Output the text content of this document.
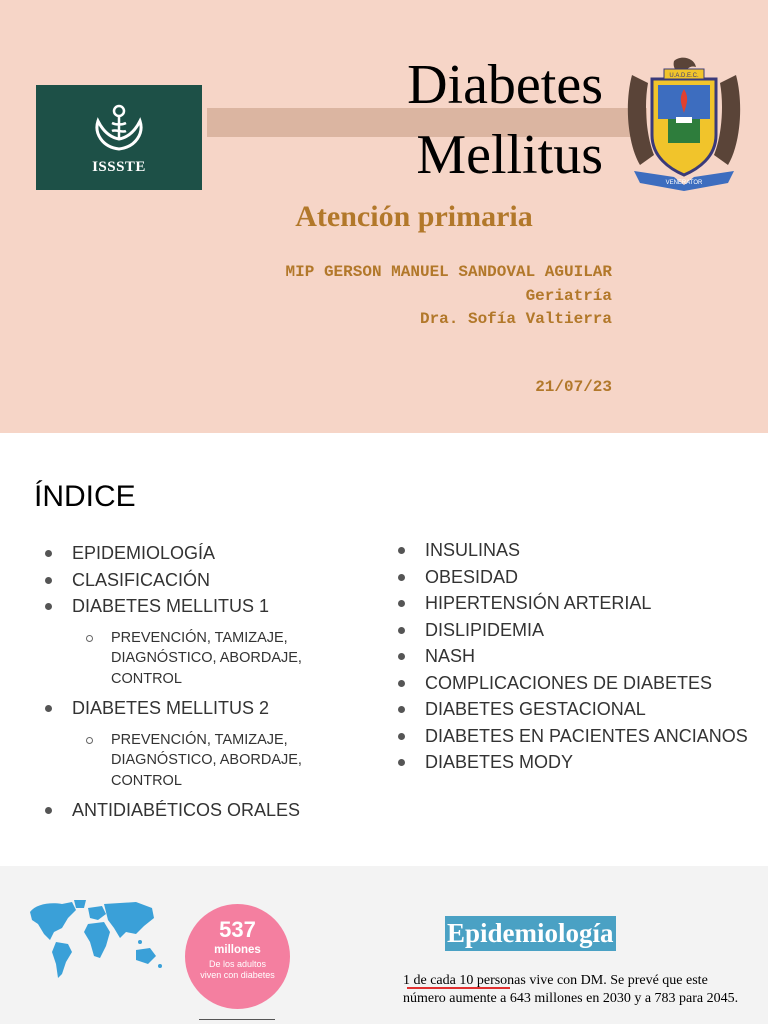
ISSSTE
Diabetes
Mellitus
U.A.D.E.C.
VENERATOR
Atención primaria
MIP GERSON MANUEL SANDOVAL AGUILAR
Geriatría
Dra. Sofía Valtierra
21/07/23
ÍNDICE
EPIDEMIOLOGÍA
CLASIFICACIÓN
DIABETES MELLITUS 1
PREVENCIÓN, TAMIZAJE, DIAGNÓSTICO, ABORDAJE, CONTROL
DIABETES MELLITUS 2
PREVENCIÓN, TAMIZAJE, DIAGNÓSTICO, ABORDAJE, CONTROL
ANTIDIABÉTICOS ORALES
INSULINAS
OBESIDAD
HIPERTENSIÓN ARTERIAL
DISLIPIDEMIA
NASH
COMPLICACIONES DE DIABETES
DIABETES GESTACIONAL
DIABETES EN PACIENTES ANCIANOS
DIABETES MODY
537
millones
De los adultos viven con diabetes
Epidemiología
1 de cada 10 personas vive con DM. Se prevé que este número aumente a 643 millones en 2030 y a 783 para 2045.
